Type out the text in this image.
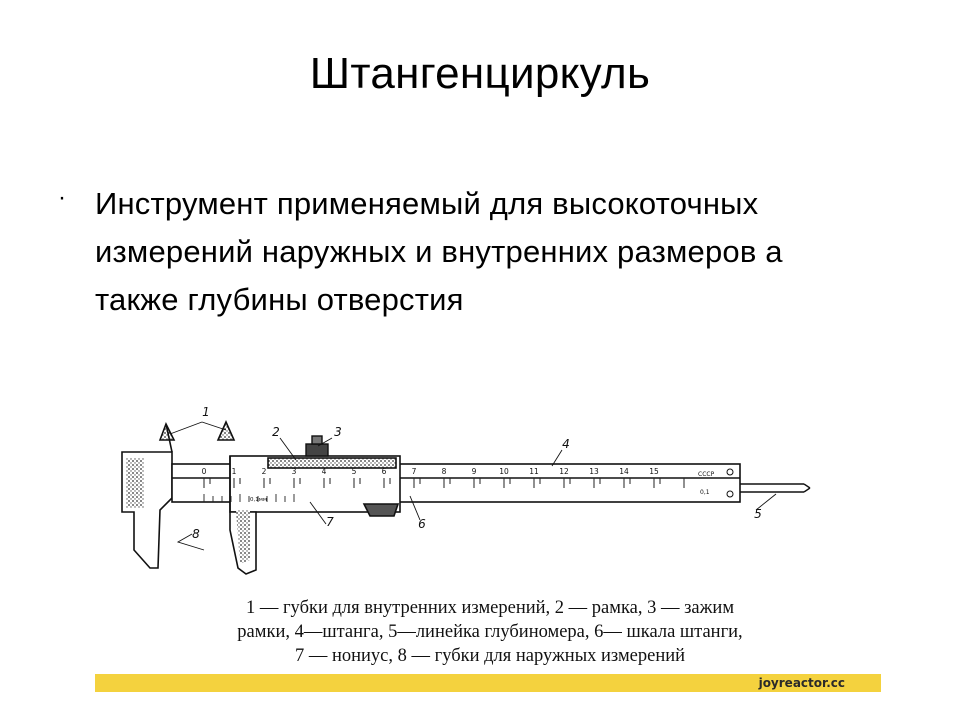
Штангенциркуль
· Инструмент применяемый для высокоточных измерений наружных и внутренних размеров а также глубины отверстия
0	1	2	3	4	5	6	7	8	9	10	11	12	13	14	15
0,1мм
СССР
0,1
1
2	3
4
5
6
7
8
1 — губки для внутренних измерений, 2 — рамка, 3 — зажим
рамки, 4—штанга, 5—линейка глубиномера, 6— шкала штанги,
7 — нониус, 8 — губки для наружных измерений
joyreactor.cc
